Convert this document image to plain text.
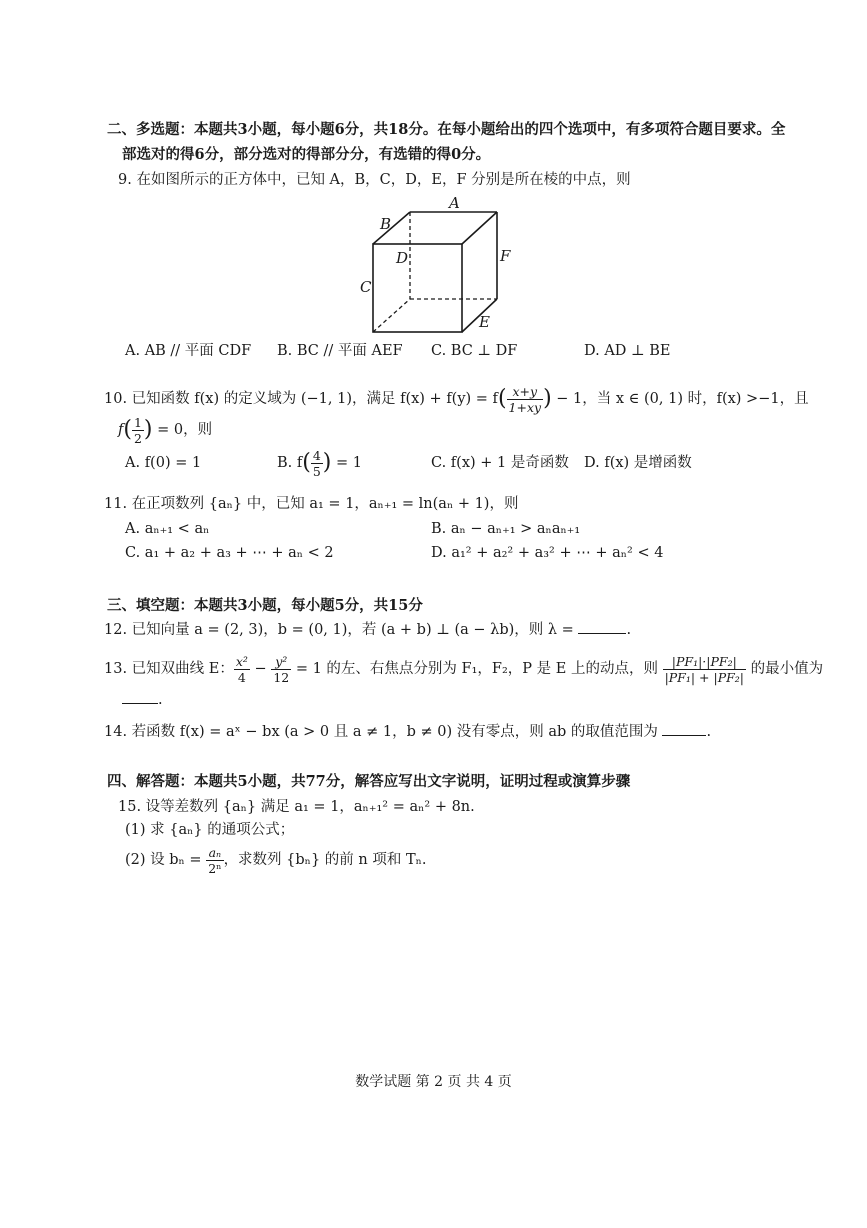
二、多选题：本题共3小题，每小题6分，共18分。在每小题给出的四个选项中，有多项符合题目要求。全
部选对的得6分，部分选对的得部分分，有选错的得0分。
9. 在如图所示的正方体中，已知 A，B，C，D，E，F 分别是所在棱的中点，则
A
B
C
D
E
F
A. AB // 平面 CDF B. BC // 平面 AEF C. BC ⊥ DF	D. AD ⊥ BE
10. 已知函数 f(x) 的定义域为 (−1, 1)，满足 $f(x) + f(y) = f( \frac{x+y}{1+xy}$ ) − 1，当 x ∈ (0, 1) 时，f(x) >−1，且
$f( \frac{1}{2}$ ) = 0，则
A. f(0) = 1	B. $f( \frac{4}{5}$ ) = 1	C. f(x) + 1 是奇函数 D. f(x) 是增函数
11. 在正项数列 {aₙ} 中，已知 a₁ = 1，aₙ₊₁ = ln(aₙ + 1)，则
A. aₙ₊₁ < aₙ	B. aₙ − aₙ₊₁ > aₙaₙ₊₁
C. a₁ + a₂ + a₃ + ⋯ + aₙ < 2	D. a₁² + a₂² + a₃² + ⋯ + aₙ² < 4
三、填空题：本题共3小题，每小题5分，共15分
12. 已知向量 a = (2, 3)，b = (0, 1)，若 (a + b) ⊥ (a − λb)，则 λ =	.
13. 已知双曲线 E： $\frac{\text{x²}}{4} - \frac{\text{y²}}{12} = 1$ 的左、右焦点分别为 F₁，F₂，P 是 E 上的动点，则 $\frac{\text{|PF₁|·|PF₂|}}{\text{|PF₁| + |PF₂|}}$ 的最小值为
.
14. 若函数 f(x) = aˣ − bx (a > 0 且 a ≠ 1，b ≠ 0) 没有零点，则 ab 的取值范围为	.
四、解答题：本题共5小题，共77分，解答应写出文字说明，证明过程或演算步骤
15. 设等差数列 {aₙ} 满足 a₁ = 1，aₙ₊₁² = aₙ² + 8n.
(1) 求 {aₙ} 的通项公式；
(2) 设 $b_n = \frac{\text{aₙ}}{\text{2ⁿ}}$ ，求数列 {bₙ} 的前 n 项和 Tₙ.
数学试题 第 2 页 共 4 页
